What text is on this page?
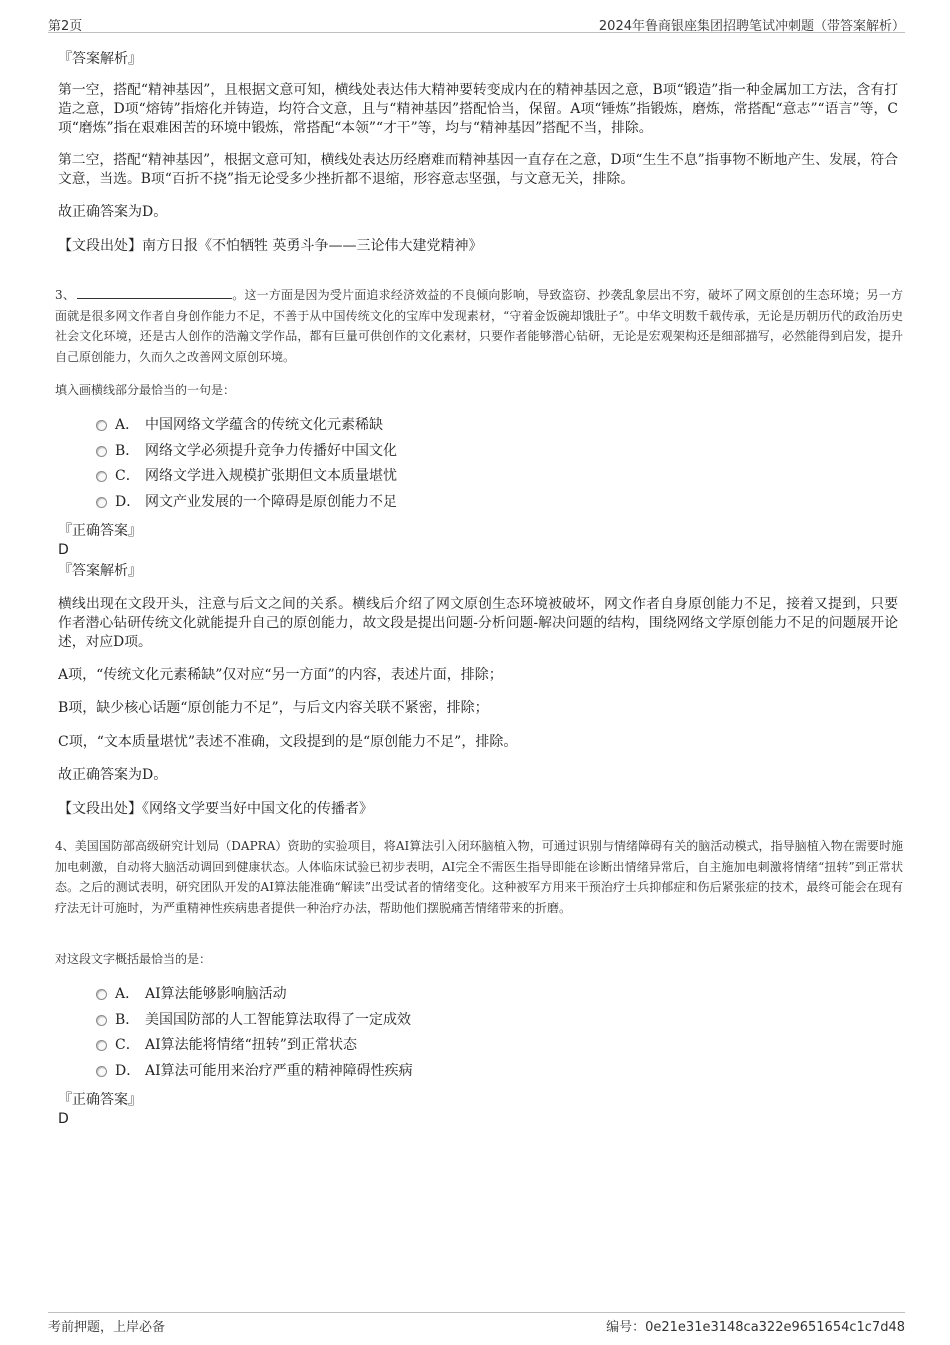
第2页	2024年鲁商银座集团招聘笔试冲刺题（带答案解析）
『答案解析』
第一空，搭配“精神基因”，且根据文意可知，横线处表达伟大精神要转变成内在的精神基因之意，B项“锻造”指一种金属加工方法，含有打造之意，D项“熔铸”指熔化并铸造，均符合文意，且与“精神基因”搭配恰当，保留。A项“锤炼”指锻炼，磨炼，常搭配“意志”“语言”等，C项“磨炼”指在艰难困苦的环境中锻炼，常搭配“本领”“才干”等，均与“精神基因”搭配不当，排除。
第二空，搭配“精神基因”，根据文意可知，横线处表达历经磨难而精神基因一直存在之意，D项“生生不息”指事物不断地产生、发展，符合文意，当选。B项“百折不挠”指无论受多少挫折都不退缩，形容意志坚强，与文意无关，排除。
故正确答案为D。
【文段出处】南方日报《不怕牺牲 英勇斗争——三论伟大建党精神》
3、	。这一方面是因为受片面追求经济效益的不良倾向影响，导致盗窃、抄袭乱象层出不穷，破坏了网文原创的生态环境；另一方面就是很多网文作者自身创作能力不足，不善于从中国传统文化的宝库中发现素材，“守着金饭碗却饿肚子”。中华文明数千载传承，无论是历朝历代的政治历史社会文化环境，还是古人创作的浩瀚文学作品，都有巨量可供创作的文化素材，只要作者能够潜心钻研，无论是宏观架构还是细部描写，必然能得到启发，提升自己原创能力，久而久之改善网文原创环境。
填入画横线部分最恰当的一句是：
A． 中国网络文学蕴含的传统文化元素稀缺
B． 网络文学必须提升竞争力传播好中国文化
C． 网络文学进入规模扩张期但文本质量堪忧
D． 网文产业发展的一个障碍是原创能力不足
『正确答案』
D
『答案解析』
横线出现在文段开头，注意与后文之间的关系。横线后介绍了网文原创生态环境被破坏，网文作者自身原创能力不足，接着又提到，只要作者潜心钻研传统文化就能提升自己的原创能力，故文段是提出问题-分析问题-解决问题的结构，围绕网络文学原创能力不足的问题展开论述，对应D项。
A项，“传统文化元素稀缺”仅对应“另一方面”的内容，表述片面，排除；
B项，缺少核心话题“原创能力不足”，与后文内容关联不紧密，排除；
C项，“文本质量堪忧”表述不准确，文段提到的是“原创能力不足”，排除。
故正确答案为D。
【文段出处】《网络文学要当好中国文化的传播者》
4、美国国防部高级研究计划局（DAPRA）资助的实验项目，将AI算法引入闭环脑植入物，可通过识别与情绪障碍有关的脑活动模式，指导脑植入物在需要时施加电刺激，自动将大脑活动调回到健康状态。人体临床试验已初步表明，AI完全不需医生指导即能在诊断出情绪异常后，自主施加电刺激将情绪“扭转”到正常状态。之后的测试表明，研究团队开发的AI算法能准确“解读”出受试者的情绪变化。这种被军方用来干预治疗士兵抑郁症和伤后紧张症的技术，最终可能会在现有疗法无计可施时，为严重精神性疾病患者提供一种治疗办法，帮助他们摆脱痛苦情绪带来的折磨。
对这段文字概括最恰当的是：
A． AI算法能够影响脑活动
B． 美国国防部的人工智能算法取得了一定成效
C． AI算法能将情绪“扭转”到正常状态
D． AI算法可能用来治疗严重的精神障碍性疾病
『正确答案』
D
考前押题，上岸必备	编号：0e21e31e3148ca322e9651654c1c7d48
